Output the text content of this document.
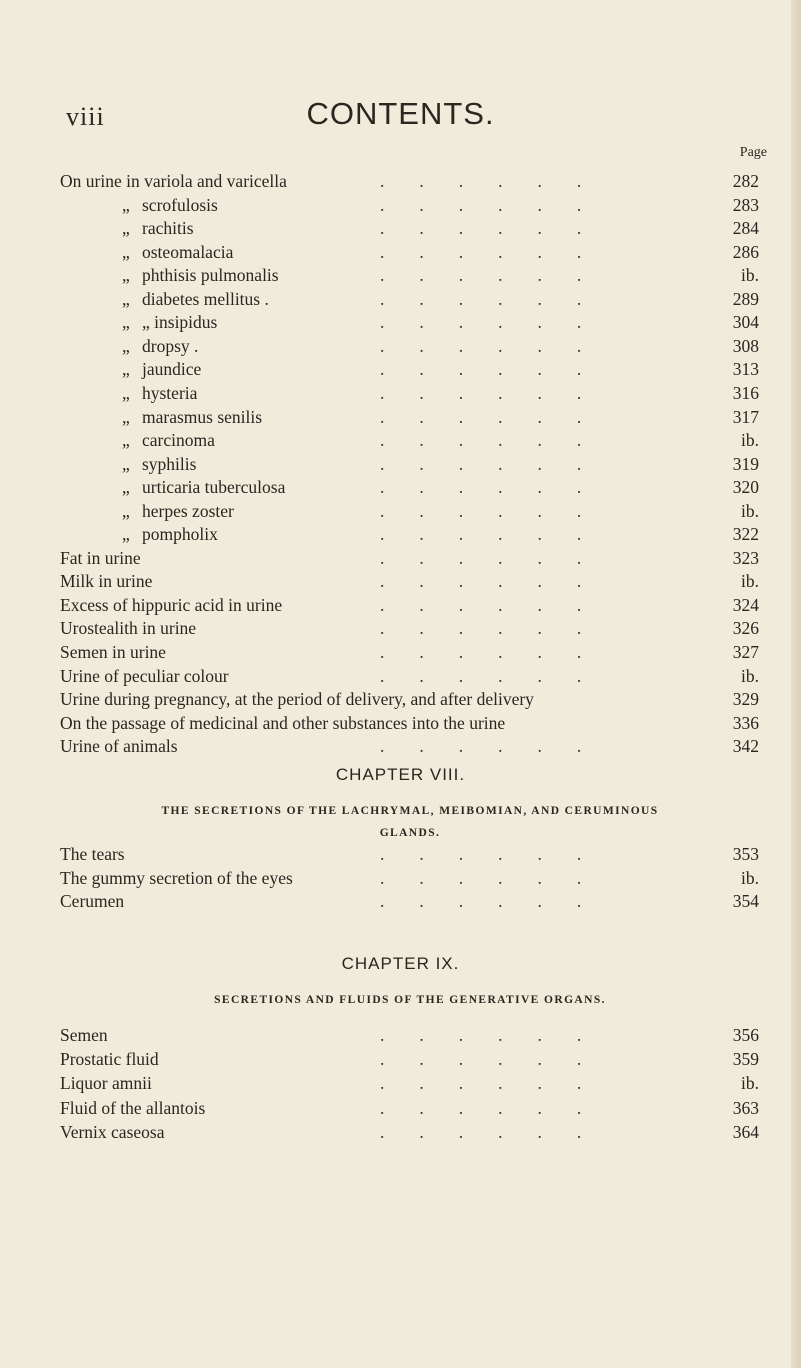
viii	CONTENTS.
Page
On urine in variola and varicella	.        .        .        .        .        .	282
„ scrofulosis	.        .        .        .        .        .	283
„ rachitis	.        .        .        .        .        .	284
„ osteomalacia	.        .        .        .        .        .	286
„ phthisis pulmonalis	.        .        .        .        .        .	ib.
„ diabetes mellitus .	.        .        .        .        .        .	289
„ „ insipidus	.        .        .        .        .        .	304
„ dropsy .	.        .        .        .        .        .	308
„ jaundice	.        .        .        .        .        .	313
„ hysteria	.        .        .        .        .        .	316
„ marasmus senilis	.        .        .        .        .        .	317
„ carcinoma	.        .        .        .        .        .	ib.
„ syphilis	.        .        .        .        .        .	319
„ urticaria tuberculosa	.        .        .        .        .        .	320
„ herpes zoster	.        .        .        .        .        .	ib.
„ pompholix	.        .        .        .        .        .	322
Fat in urine	.        .        .        .        .        .	323
Milk in urine	.        .        .        .        .        .	ib.
Excess of hippuric acid in urine	.        .        .        .        .        .	324
Urostealith in urine	.        .        .        .        .        .	326
Semen in urine	.        .        .        .        .        .	327
Urine of peculiar colour	.        .        .        .        .        .	ib.
Urine during pregnancy, at the period of delivery, and after delivery	329
On the passage of medicinal and other substances into the urine	336
Urine of animals	.        .        .        .        .        .	342
CHAPTER VIII.
THE SECRETIONS OF THE LACHRYMAL, MEIBOMIAN, AND CERUMINOUS
GLANDS.
The tears	.        .        .        .        .        .	353
The gummy secretion of the eyes	.        .        .        .        .        .	ib.
Cerumen	.        .        .        .        .        .	354
CHAPTER IX.
SECRETIONS AND FLUIDS OF THE GENERATIVE ORGANS.
Semen	.        .        .        .        .        .	356
Prostatic fluid	.        .        .        .        .        .	359
Liquor amnii	.        .        .        .        .        .	ib.
Fluid of the allantois	.        .        .        .        .        .	363
Vernix caseosa	.        .        .        .        .        .	364
